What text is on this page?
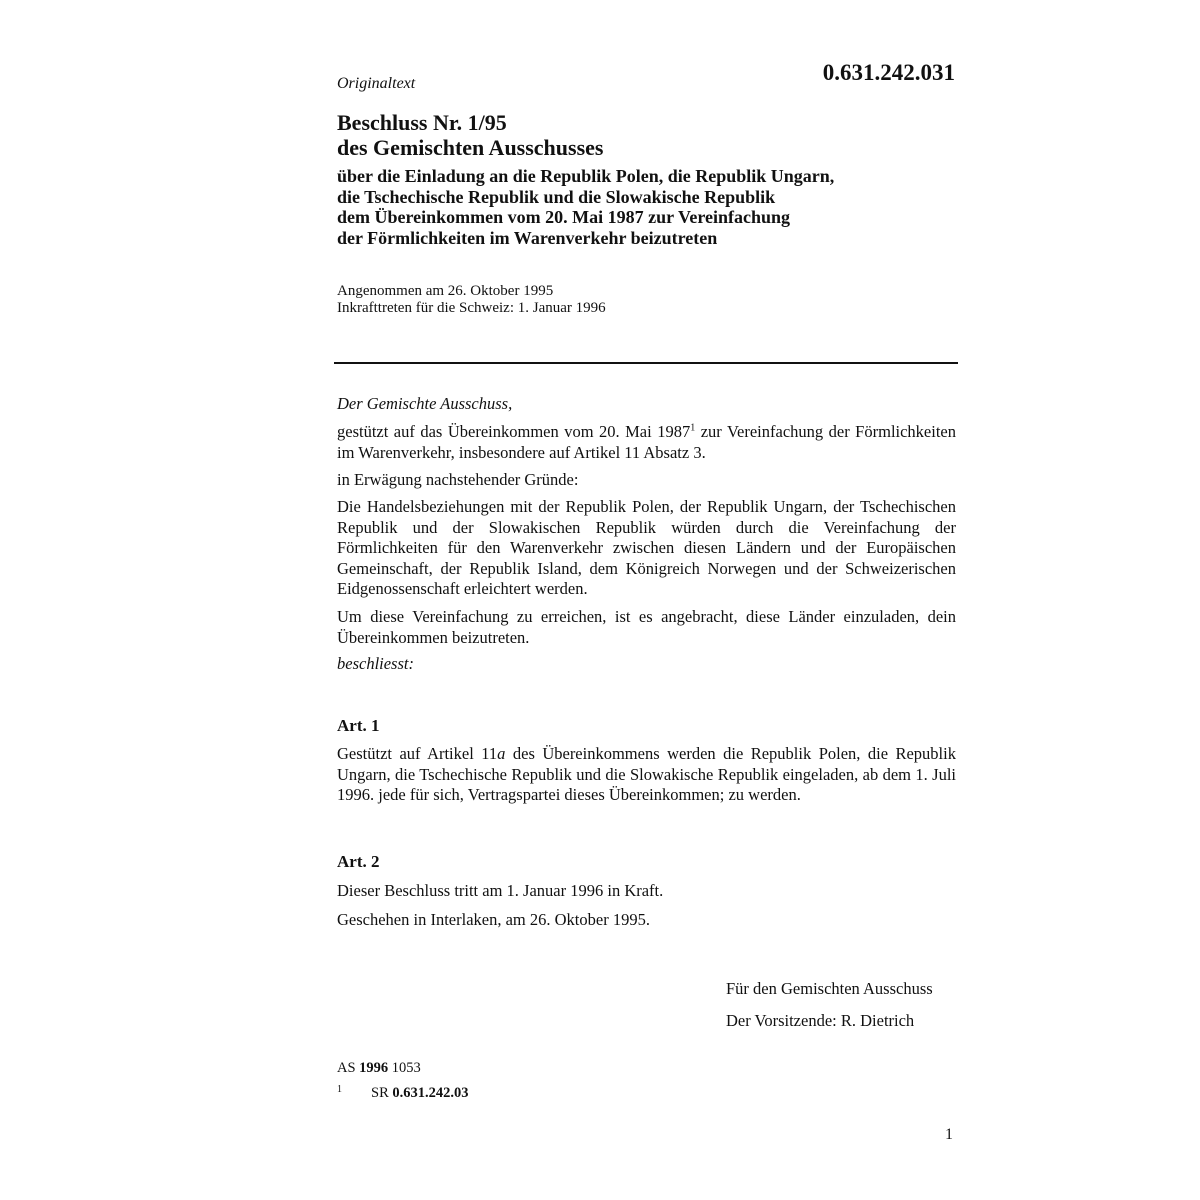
Originaltext	0.631.242.031
Beschluss Nr. 1/95
des Gemischten Ausschusses
über die Einladung an die Republik Polen, die Republik Ungarn,
die Tschechische Republik und die Slowakische Republik
dem Übereinkommen vom 20. Mai 1987 zur Vereinfachung
der Förmlichkeiten im Warenverkehr beizutreten
Angenommen am 26. Oktober 1995
Inkrafttreten für die Schweiz: 1. Januar 1996
Der Gemischte Ausschuss,
gestützt auf das Übereinkommen vom 20. Mai 1987$^1$ zur Vereinfachung der Förmlichkeiten im Warenverkehr, insbesondere auf Artikel 11 Absatz 3.
in Erwägung nachstehender Gründe:
Die Handelsbeziehungen mit der Republik Polen, der Republik Ungarn, der Tschechischen Republik und der Slowakischen Republik würden durch die Vereinfachung der Förmlichkeiten für den Warenverkehr zwischen diesen Ländern und der Europäischen Gemeinschaft, der Republik Island, dem Königreich Norwegen und der Schweizerischen Eidgenossenschaft erleichtert werden.
Um diese Vereinfachung zu erreichen, ist es angebracht, diese Länder einzuladen, dein Übereinkommen beizutreten.
beschliesst:
Art. 1
Gestützt auf Artikel 11a des Übereinkommens werden die Republik Polen, die Republik Ungarn, die Tschechische Republik und die Slowakische Republik eingeladen, ab dem 1. Juli 1996. jede für sich, Vertragspartei dieses Übereinkommen; zu werden.
Art. 2
Dieser Beschluss tritt am 1. Januar 1996 in Kraft.
Geschehen in Interlaken, am 26. Oktober 1995.
Für den Gemischten Ausschuss
Der Vorsitzende: R. Dietrich
AS 1996 1053
1 SR 0.631.242.03
1
